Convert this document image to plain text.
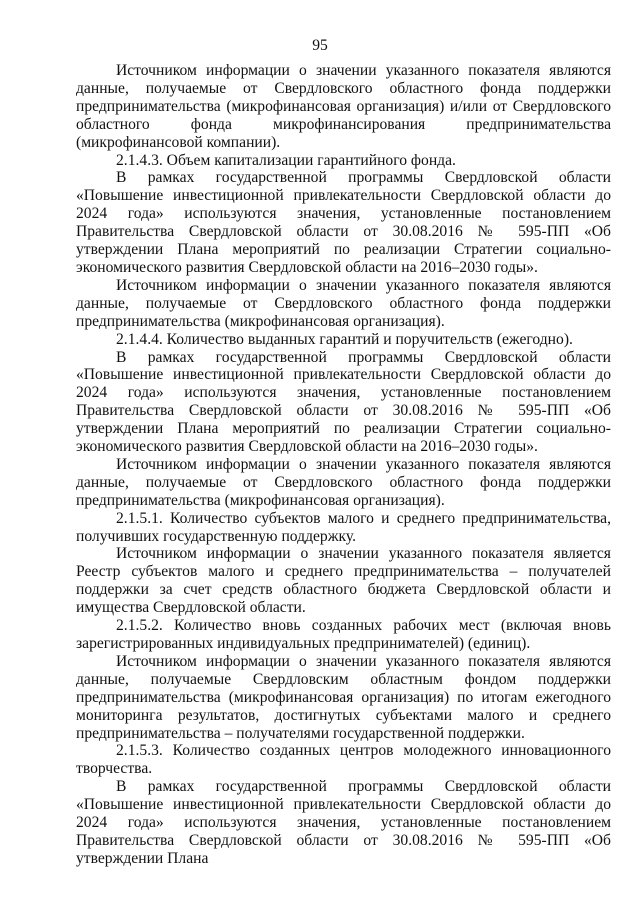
95

Источником информации о значении указанного показателя являются данные, получаемые от Свердловского областного фонда поддержки предпринимательства (микрофинансовая организация) и/или от Свердловского областного фонда микрофинансирования предпринимательства (микрофинансовой компании).

2.1.4.3. Объем капитализации гарантийного фонда.

В рамках государственной программы Свердловской области «Повышение инвестиционной привлекательности Свердловской области до 2024 года» используются значения, установленные постановлением Правительства Свердловской области от 30.08.2016 № 595-ПП «Об утверждении Плана мероприятий по реализации Стратегии социально-экономического развития Свердловской области на 2016–2030 годы».

Источником информации о значении указанного показателя являются данные, получаемые от Свердловского областного фонда поддержки предпринимательства (микрофинансовая организация).

2.1.4.4. Количество выданных гарантий и поручительств (ежегодно).

В рамках государственной программы Свердловской области «Повышение инвестиционной привлекательности Свердловской области до 2024 года» используются значения, установленные постановлением Правительства Свердловской области от 30.08.2016 № 595-ПП «Об утверждении Плана мероприятий по реализации Стратегии социально-экономического развития Свердловской области на 2016–2030 годы».

Источником информации о значении указанного показателя являются данные, получаемые от Свердловского областного фонда поддержки предпринимательства (микрофинансовая организация).

2.1.5.1. Количество субъектов малого и среднего предпринимательства, получивших государственную поддержку.

Источником информации о значении указанного показателя является Реестр субъектов малого и среднего предпринимательства – получателей поддержки за счет средств областного бюджета Свердловской области и имущества Свердловской области.

2.1.5.2. Количество вновь созданных рабочих мест (включая вновь зарегистрированных индивидуальных предпринимателей) (единиц).

Источником информации о значении указанного показателя являются данные, получаемые Свердловским областным фондом поддержки предпринимательства (микрофинансовая организация) по итогам ежегодного мониторинга результатов, достигнутых субъектами малого и среднего предпринимательства – получателями государственной поддержки.

2.1.5.3. Количество созданных центров молодежного инновационного творчества.

В рамках государственной программы Свердловской области «Повышение инвестиционной привлекательности Свердловской области до 2024 года» используются значения, установленные постановлением Правительства Свердловской области от 30.08.2016 № 595-ПП «Об утверждении Плана
